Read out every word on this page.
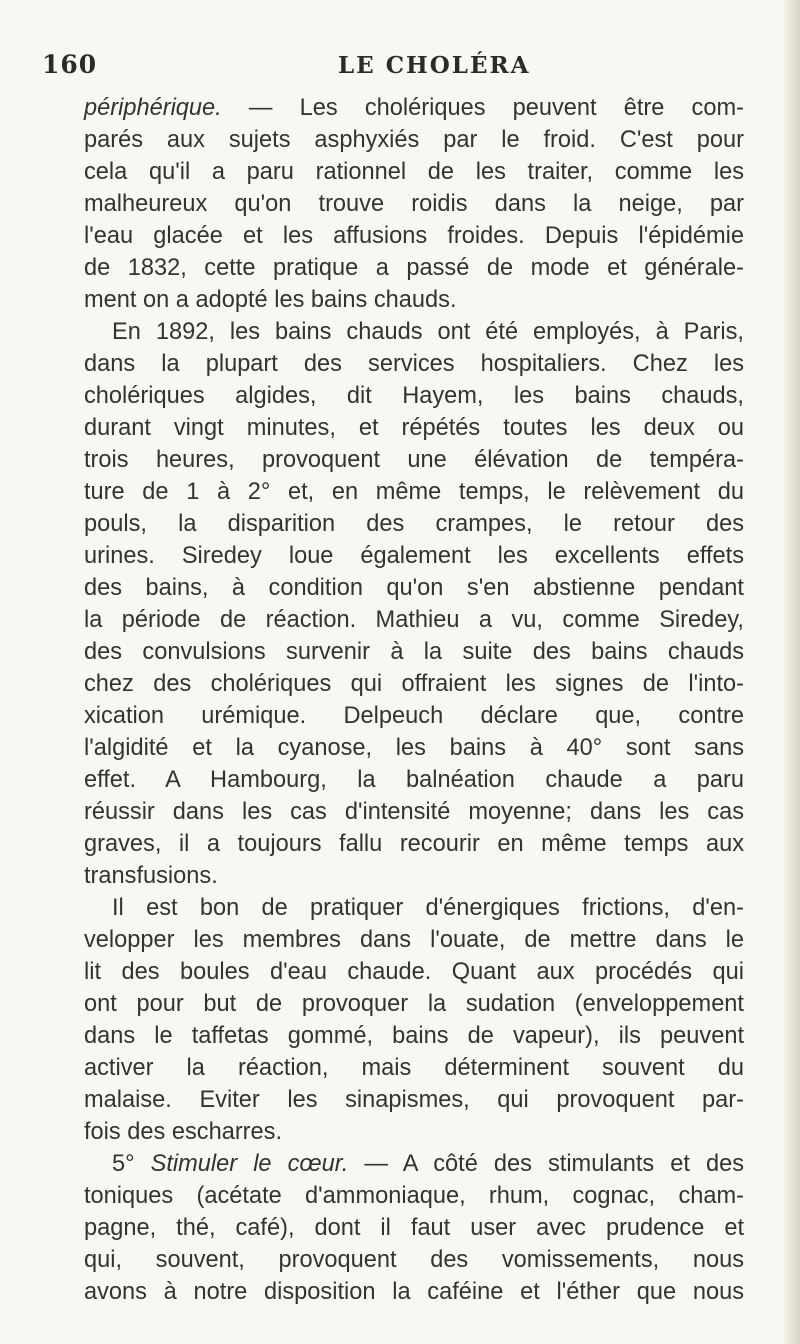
160	LE CHOLÉRA
périphérique. — Les cholériques peuvent être com-
parés aux sujets asphyxiés par le froid. C'est pour
cela qu'il a paru rationnel de les traiter, comme les
malheureux qu'on trouve roidis dans la neige, par
l'eau glacée et les affusions froides. Depuis l'épidémie
de 1832, cette pratique a passé de mode et générale-
ment on a adopté les bains chauds.
En 1892, les bains chauds ont été employés, à Paris,
dans la plupart des services hospitaliers. Chez les
cholériques algides, dit Hayem, les bains chauds,
durant vingt minutes, et répétés toutes les deux ou
trois heures, provoquent une élévation de tempéra-
ture de 1 à 2° et, en même temps, le relèvement du
pouls, la disparition des crampes, le retour des
urines. Siredey loue également les excellents effets
des bains, à condition qu'on s'en abstienne pendant
la période de réaction. Mathieu a vu, comme Siredey,
des convulsions survenir à la suite des bains chauds
chez des cholériques qui offraient les signes de l'into-
xication urémique. Delpeuch déclare que, contre
l'algidité et la cyanose, les bains à 40° sont sans
effet. A Hambourg, la balnéation chaude a paru
réussir dans les cas d'intensité moyenne; dans les cas
graves, il a toujours fallu recourir en même temps aux
transfusions.
Il est bon de pratiquer d'énergiques frictions, d'en-
velopper les membres dans l'ouate, de mettre dans le
lit des boules d'eau chaude. Quant aux procédés qui
ont pour but de provoquer la sudation (enveloppement
dans le taffetas gommé, bains de vapeur), ils peuvent
activer la réaction, mais déterminent souvent du
malaise. Eviter les sinapismes, qui provoquent par-
fois des escharres.
5° Stimuler le cœur. — A côté des stimulants et des
toniques (acétate d'ammoniaque, rhum, cognac, cham-
pagne, thé, café), dont il faut user avec prudence et
qui, souvent, provoquent des vomissements, nous
avons à notre disposition la caféine et l'éther que nous
